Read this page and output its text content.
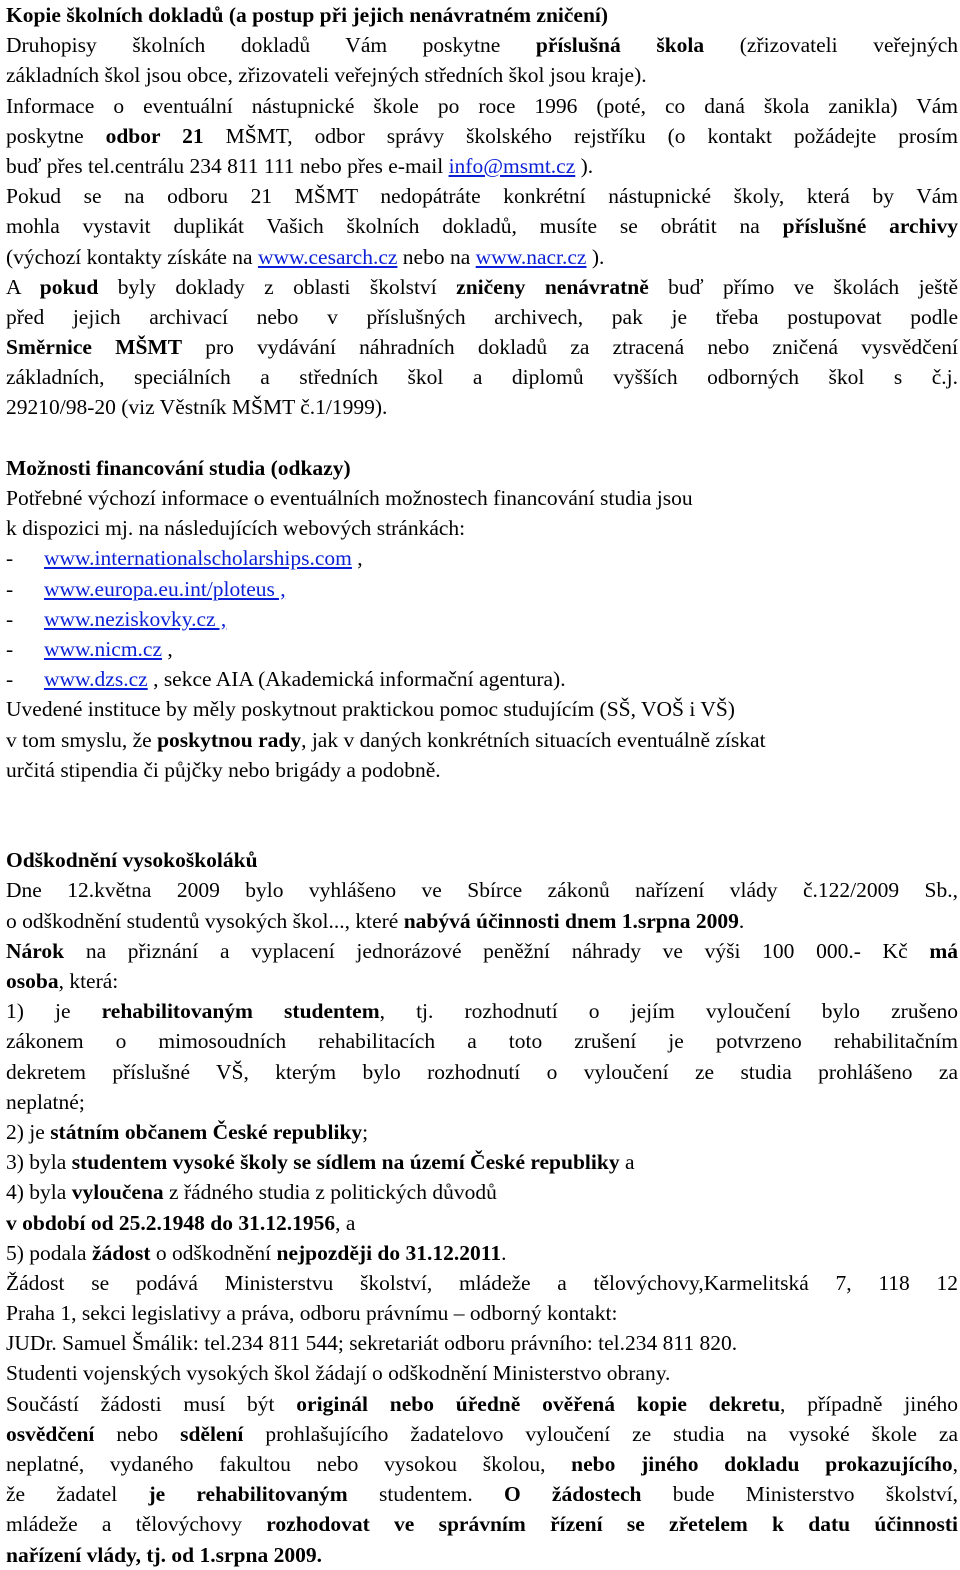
Kopie školních dokladů (a postup při jejich nenávratném zničení)
Druhopisy školních dokladů Vám poskytne příslušná škola (zřizovateli veřejných
základních škol jsou obce, zřizovateli veřejných středních škol jsou kraje).
Informace o eventuální nástupnické škole po roce 1996 (poté, co daná škola zanikla) Vám
poskytne odbor 21 MŠMT, odbor správy školského rejstříku (o kontakt požádejte prosím
buď přes tel.centrálu 234 811 111 nebo přes e-mail info@msmt.cz ).
Pokud se na odboru 21 MŠMT nedopátráte konkrétní nástupnické školy, která by Vám
mohla vystavit duplikát Vašich školních dokladů, musíte se obrátit na příslušné archivy
(výchozí kontakty získáte na www.cesarch.cz nebo na www.nacr.cz ).
A pokud byly doklady z oblasti školství zničeny nenávratně buď přímo ve školách ještě
před jejich archivací nebo v příslušných archivech, pak je třeba postupovat podle
Směrnice MŠMT pro vydávání náhradních dokladů za ztracená nebo zničená vysvědčení
základních, speciálních a středních škol a diplomů vyšších odborných škol s č.j.
29210/98-20 (viz Věstník MŠMT č.1/1999).
Možnosti financování studia (odkazy)
Potřebné výchozí informace o eventuálních možnostech financování studia jsou
k dispozici mj. na následujících webových stránkách:
-www.internationalscholarships.com ,
-www.europa.eu.int/ploteus ,
-www.neziskovky.cz ,
-www.nicm.cz ,
-www.dzs.cz , sekce AIA (Akademická informační agentura).
Uvedené instituce by měly poskytnout praktickou pomoc studujícím (SŠ, VOŠ i VŠ)
v tom smyslu, že poskytnou rady, jak v daných konkrétních situacích eventuálně získat
určitá stipendia či půjčky nebo brigády a podobně.
Odškodnění vysokoškoláků
Dne 12.května 2009 bylo vyhlášeno ve Sbírce zákonů nařízení vlády č.122/2009 Sb.,
o odškodnění studentů vysokých škol..., které nabývá účinnosti dnem 1.srpna 2009.
Nárok na přiznání a vyplacení jednorázové peněžní náhrady ve výši 100 000.- Kč má
osoba, která:
1) je rehabilitovaným studentem, tj. rozhodnutí o jejím vyloučení bylo zrušeno
zákonem o mimosoudních rehabilitacích a toto zrušení je potvrzeno rehabilitačním
dekretem příslušné VŠ, kterým bylo rozhodnutí o vyloučení ze studia prohlášeno za
neplatné;
2) je státním občanem České republiky;
3) byla studentem vysoké školy se sídlem na území České republiky a
4) byla vyloučena z řádného studia z politických důvodů
v období od 25.2.1948 do 31.12.1956, a
5) podala žádost o odškodnění nejpozději do 31.12.2011.
Žádost se podává Ministerstvu školství, mládeže a tělovýchovy,Karmelitská 7, 118 12
Praha 1, sekci legislativy a práva, odboru právnímu – odborný kontakt:
JUDr. Samuel Šmálik: tel.234 811 544; sekretariát odboru právního: tel.234 811 820.
Studenti vojenských vysokých škol žádají o odškodnění Ministerstvo obrany.
Součástí žádosti musí být originál nebo úředně ověřená kopie dekretu, případně jiného
osvědčení nebo sdělení prohlašujícího žadatelovo vyloučení ze studia na vysoké škole za
neplatné, vydaného fakultou nebo vysokou školou, nebo jiného dokladu prokazujícího,
že žadatel je rehabilitovaným studentem. O žádostech bude Ministerstvo školství,
mládeže a tělovýchovy rozhodovat ve správním řízení se zřetelem k datu účinnosti
nařízení vlády, tj. od 1.srpna 2009.
